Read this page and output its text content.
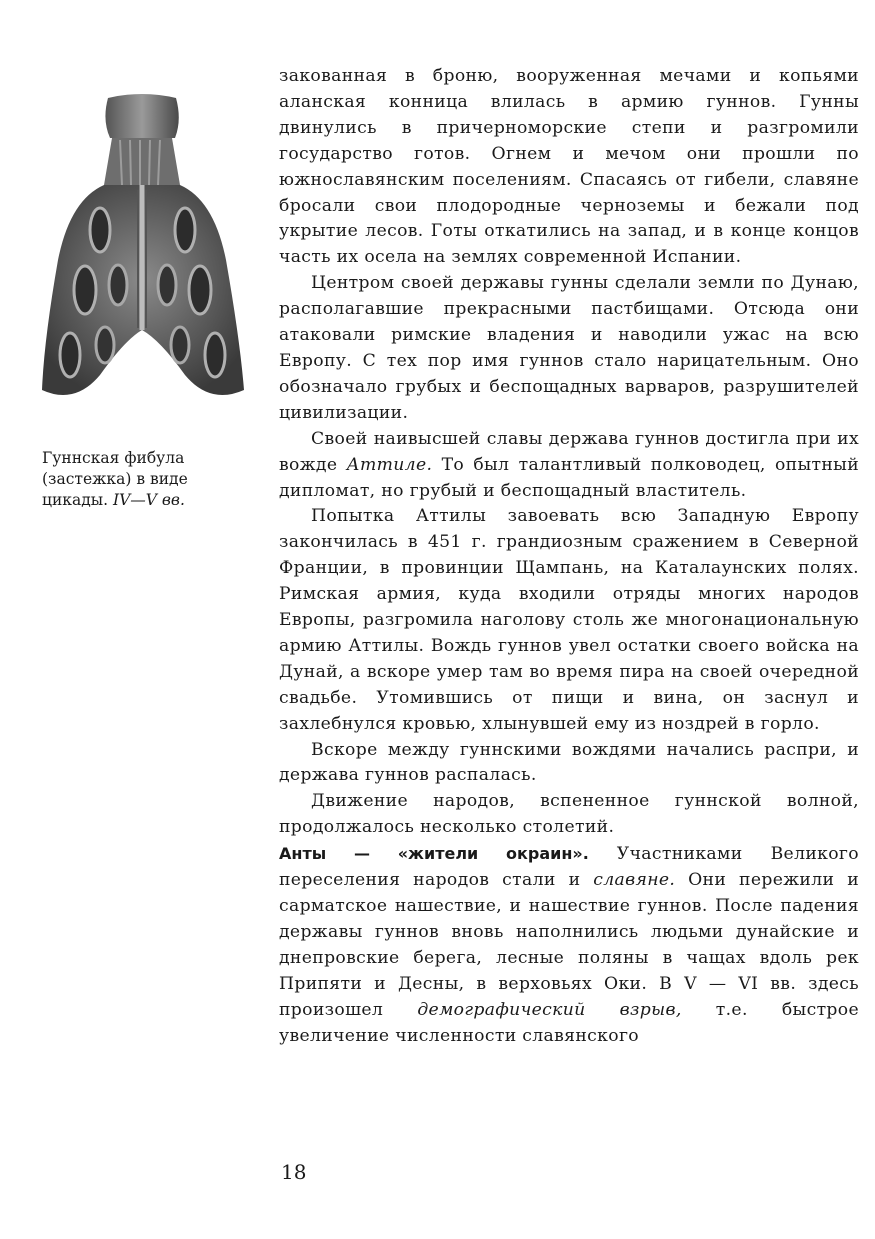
Гуннская фибула
(застежка) в виде
цикады. IV—V вв.

закованная в броню, вооруженная мечами и копьями аланская конница влилась в армию гуннов. Гунны двинулись в причерноморские степи и разгромили государство готов. Огнем и мечом они прошли по южнославянским поселениям. Спасаясь от гибели, славяне бросали свои плодородные черноземы и бежали под укрытие лесов. Готы откатились на запад, и в конце концов часть их осела на землях современной Испании.

Центром своей державы гунны сделали земли по Дунаю, располагавшие прекрасными пастбищами. Отсюда они атаковали римские владения и наводили ужас на всю Европу. С тех пор имя гуннов стало нарицательным. Оно обозначало грубых и беспощадных варваров, разрушителей цивилизации.

Своей наивысшей славы держава гуннов достигла при их вожде Аттиле. То был талантливый полководец, опытный дипломат, но грубый и беспощадный властитель.

Попытка Аттилы завоевать всю Западную Европу закончилась в 451 г. грандиозным сражением в Северной Франции, в провинции Щампань, на Каталаунских полях. Римская армия, куда входили отряды многих народов Европы, разгромила наголову столь же многонациональную армию Аттилы. Вождь гуннов увел остатки своего войска на Дунай, а вскоре умер там во время пира на своей очередной свадьбе. Утомившись от пищи и вина, он заснул и захлебнулся кровью, хлынувшей ему из ноздрей в горло.

Вскоре между гуннскими вождями начались распри, и держава гуннов распалась.

Движение народов, вспененное гуннской волной, продолжалось несколько столетий.

Анты — «жители окраин». Участниками Великого переселения народов стали и славяне. Они пережили и сарматское нашествие, и нашествие гуннов. После падения державы гуннов вновь наполнились людьми дунайские и днепровские берега, лесные поляны в чащах вдоль рек Припяти и Десны, в верховьях Оки. В V — VI вв. здесь произошел демографический взрыв, т.е. быстрое увеличение численности славянского

18
